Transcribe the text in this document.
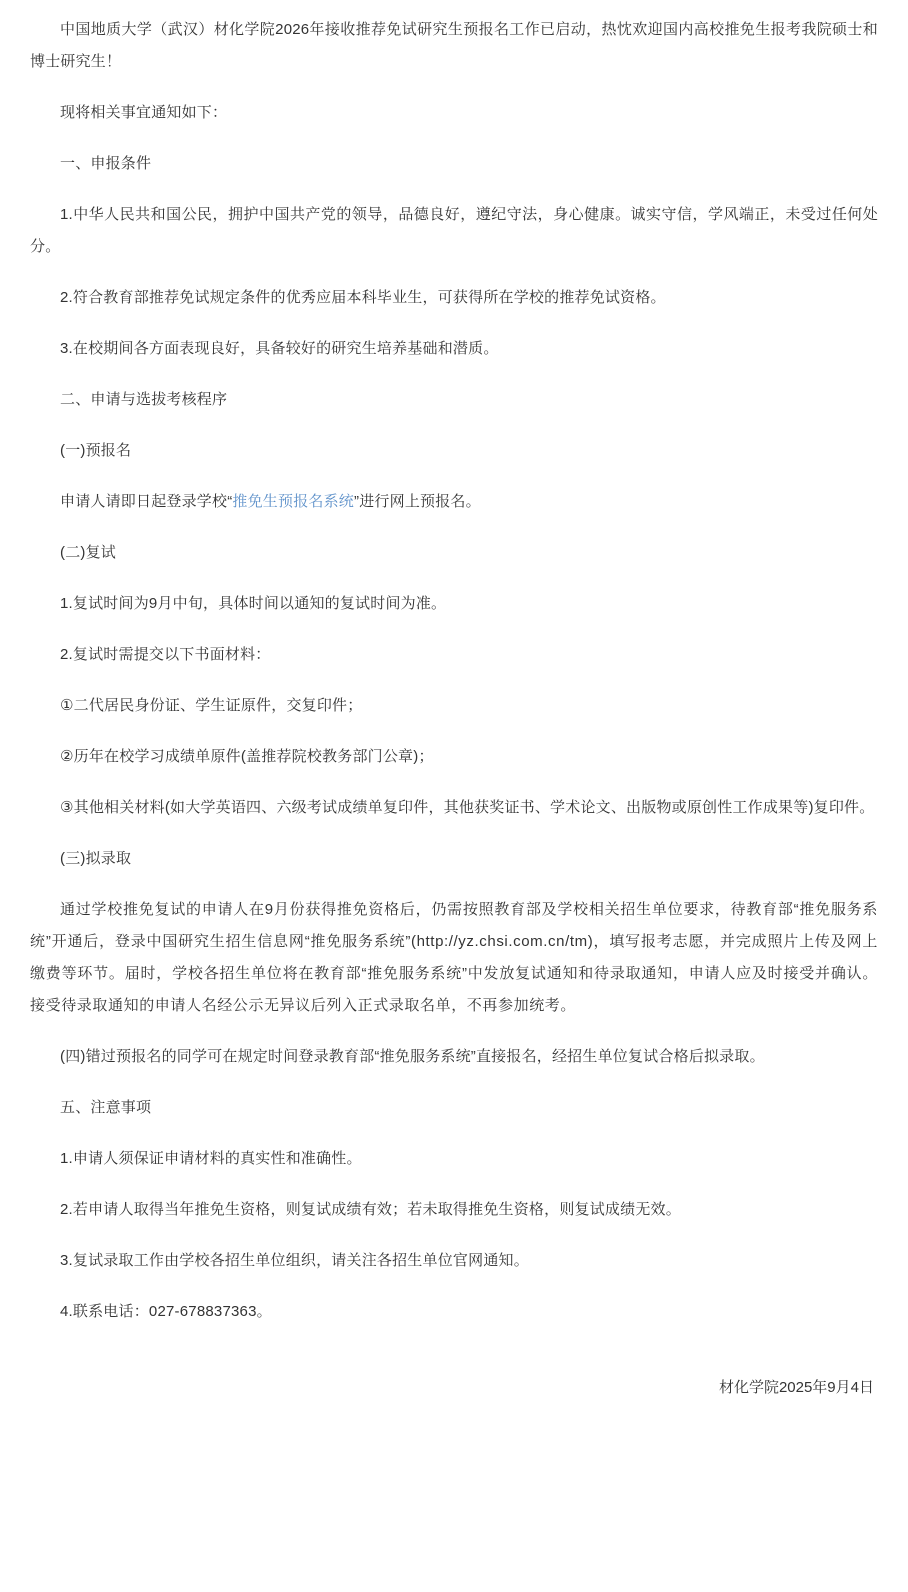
中国地质大学（武汉）材化学院2026年接收推荐免试研究生预报名工作已启动，热忱欢迎国内高校推免生报考我院硕士和博士研究生！

现将相关事宜通知如下：

一、申报条件

1.中华人民共和国公民，拥护中国共产党的领导，品德良好，遵纪守法，身心健康。诚实守信，学风端正，未受过任何处分。

2.符合教育部推荐免试规定条件的优秀应届本科毕业生，可获得所在学校的推荐免试资格。

3.在校期间各方面表现良好，具备较好的研究生培养基础和潜质。

二、申请与选拔考核程序

(一)预报名

申请人请即日起登录学校“推免生预报名系统”进行网上预报名。

(二)复试

1.复试时间为9月中旬，具体时间以通知的复试时间为准。

2.复试时需提交以下书面材料：

①二代居民身份证、学生证原件，交复印件；

②历年在校学习成绩单原件(盖推荐院校教务部门公章)；

③其他相关材料(如大学英语四、六级考试成绩单复印件，其他获奖证书、学术论文、出版物或原创性工作成果等)复印件。

(三)拟录取

通过学校推免复试的申请人在9月份获得推免资格后，仍需按照教育部及学校相关招生单位要求，待教育部“推免服务系统”开通后，登录中国研究生招生信息网“推免服务系统”(http://yz.chsi.com.cn/tm)，填写报考志愿，并完成照片上传及网上缴费等环节。届时，学校各招生单位将在教育部“推免服务系统”中发放复试通知和待录取通知，申请人应及时接受并确认。接受待录取通知的申请人名经公示无异议后列入正式录取名单，不再参加统考。

(四)错过预报名的同学可在规定时间登录教育部“推免服务系统”直接报名，经招生单位复试合格后拟录取。

五、注意事项

1.申请人须保证申请材料的真实性和准确性。

2.若申请人取得当年推免生资格，则复试成绩有效；若未取得推免生资格，则复试成绩无效。

3.复试录取工作由学校各招生单位组织，请关注各招生单位官网通知。

4.联系电话：027-678837363。

材化学院2025年9月4日
